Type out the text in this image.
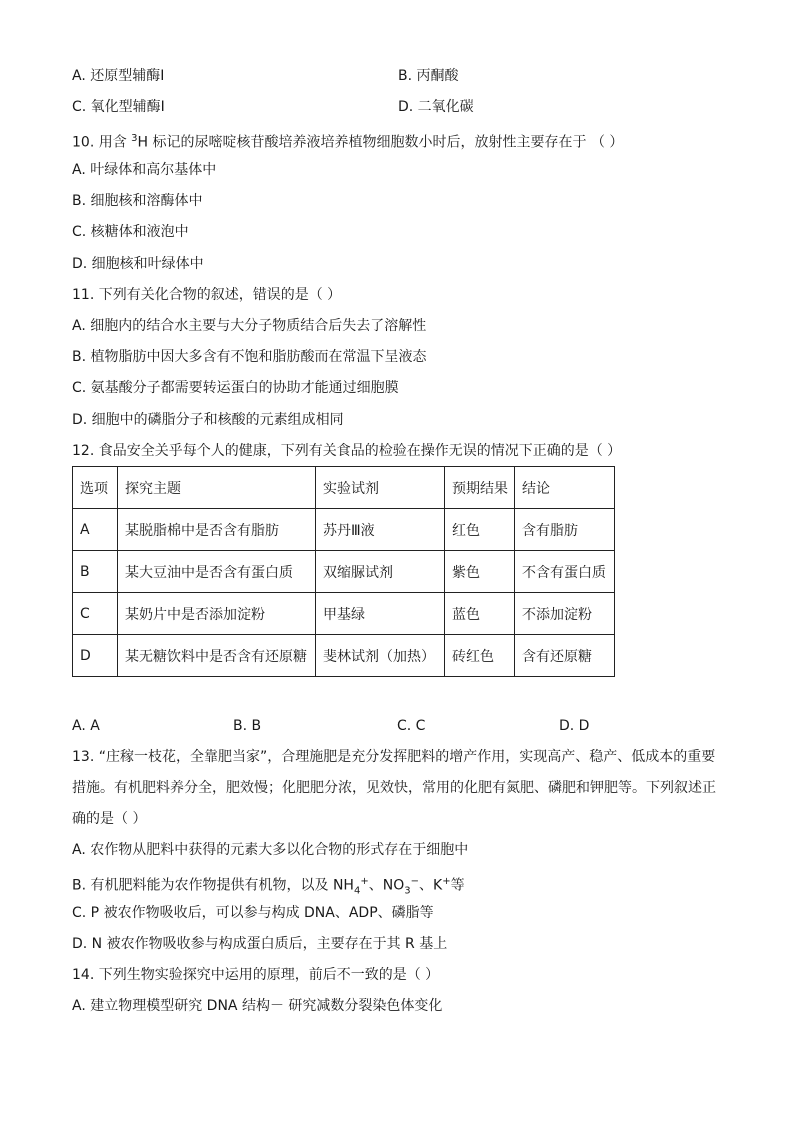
A. 还原型辅酶Ⅰ	B. 丙酮酸
C. 氧化型辅酶Ⅰ	D. 二氧化碳
10. 用含 $^3$H 标记的尿嘧啶核苷酸培养液培养植物细胞数小时后，放射性主要存在于 （ ）
A. 叶绿体和高尔基体中
B. 细胞核和溶酶体中
C. 核糖体和液泡中
D. 细胞核和叶绿体中
11. 下列有关化合物的叙述，错误的是（ ）
A. 细胞内的结合水主要与大分子物质结合后失去了溶解性
B. 植物脂肪中因大多含有不饱和脂肪酸而在常温下呈液态
C. 氨基酸分子都需要转运蛋白的协助才能通过细胞膜
D. 细胞中的磷脂分子和核酸的元素组成相同
12. 食品安全关乎每个人的健康，下列有关食品的检验在操作无误的情况下正确的是（ ）
选项	探究主题	实验试剂	预期结果	结论
A	某脱脂棉中是否含有脂肪	苏丹Ⅲ液	红色	含有脂肪
B	某大豆油中是否含有蛋白质	双缩脲试剂	紫色	不含有蛋白质
C	某奶片中是否添加淀粉	甲基绿	蓝色	不添加淀粉
D	某无糖饮料中是否含有还原糖	斐林试剂（加热）	砖红色	含有还原糖
A. A	B. B	C. C	D. D
13. “庄稼一枝花，全靠肥当家”，合理施肥是充分发挥肥料的增产作用，实现高产、稳产、低成本的重要
措施。有机肥料养分全，肥效慢；化肥肥分浓，见效快，常用的化肥有氮肥、磷肥和钾肥等。下列叙述正
确的是（ ）
A. 农作物从肥料中获得的元素大多以化合物的形式存在于细胞中
B. 有机肥料能为农作物提供有机物，以及 $NH_4^+$、$NO_3^-$、K+等
C. P 被农作物吸收后，可以参与构成 DNA、ADP、磷脂等
D. N 被农作物吸收参与构成蛋白质后，主要存在于其 R 基上
14. 下列生物实验探究中运用的原理，前后不一致的是（ ）
A. 建立物理模型研究 DNA 结构－ 研究减数分裂染色体变化
